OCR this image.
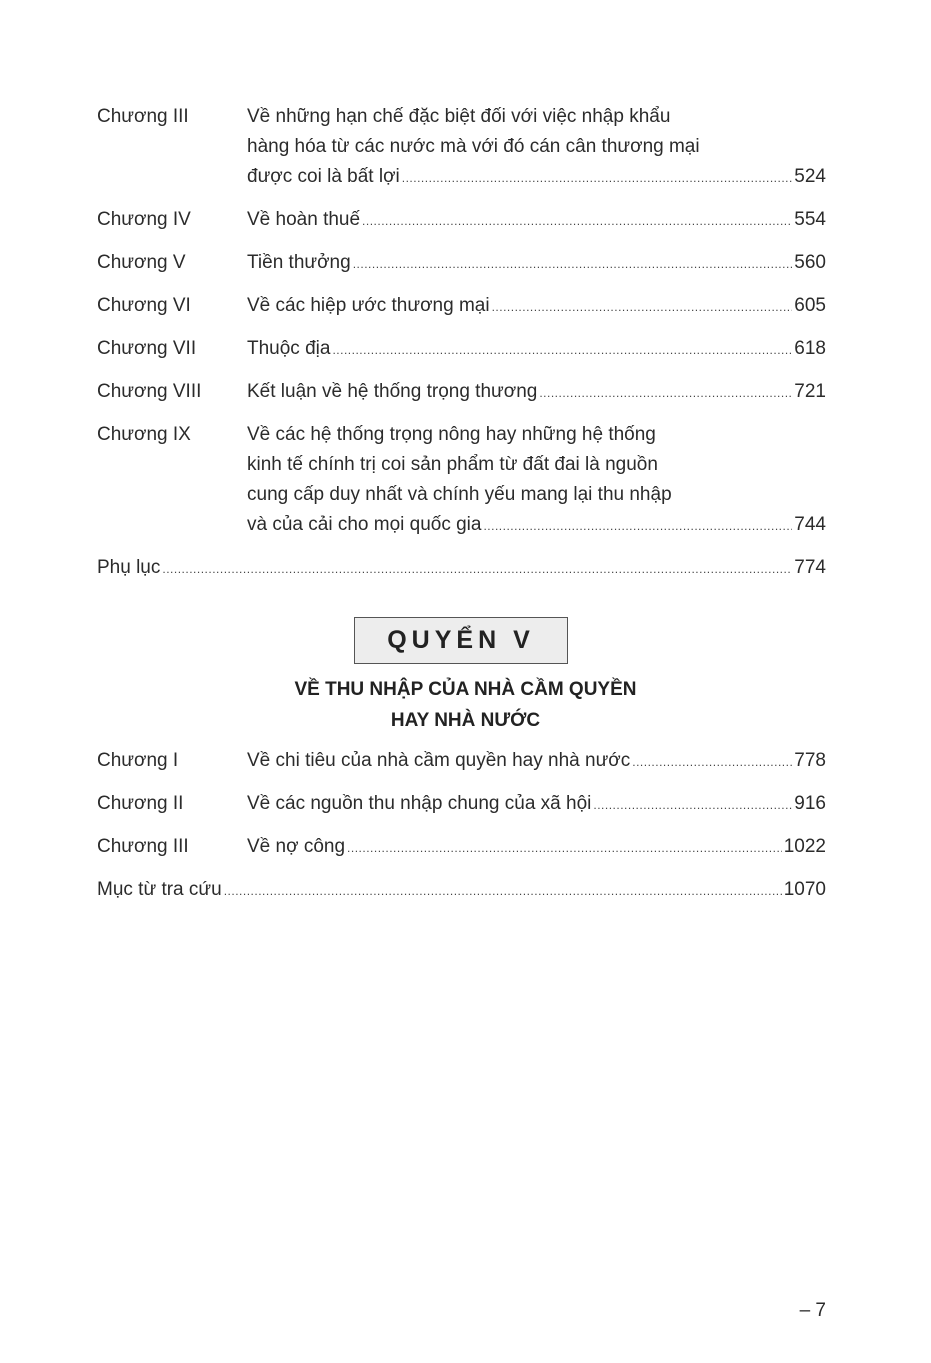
Chương III	Về những hạn chế đặc biệt đối với việc nhập khẩu
hàng hóa từ các nước mà với đó cán cân thương mại
được coi là bất lợi .....	524
Chương IV	Về hoàn thuế .....	554
Chương V	Tiền thưởng .....	560
Chương VI	Về các hiệp ước thương mại .....	605
Chương VII	Thuộc địa .....	618
Chương VIII	Kết luận về hệ thống trọng thương .....	721
Chương IX	Về các hệ thống trọng nông hay những hệ thống
kinh tế chính trị coi sản phẩm từ đất đai là nguồn
cung cấp duy nhất và chính yếu mang lại thu nhập
và của cải cho mọi quốc gia .....	744
Phụ lục .....	774
QUYỂN V
VỀ THU NHẬP CỦA NHÀ CẦM QUYỀN
HAY NHÀ NƯỚC
Chương I	Về chi tiêu của nhà cầm quyền hay nhà nước .....	778
Chương II	Về các nguồn thu nhập chung của xã hội .....	916
Chương III	Về nợ công .....	1022
Mục từ tra cứu .....	1070
– 7
